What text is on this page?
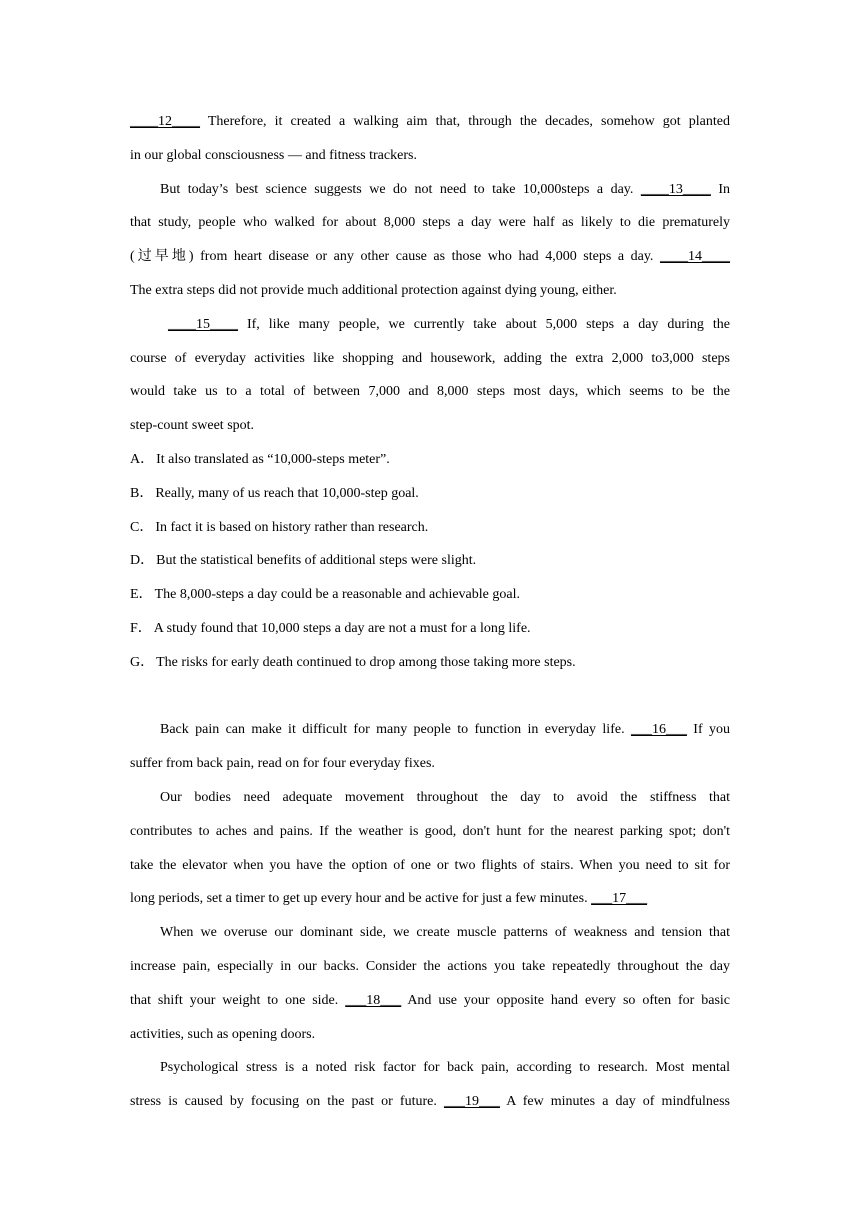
____12____ Therefore, it created a walking aim that, through the decades, somehow got planted
in our global consciousness — and fitness trackers.
But today’s best science suggests we do not need to take 10,000steps a day. ____13____ In
that study, people who walked for about 8,000 steps a day were half as likely to die prematurely
(过早地) from heart disease or any other cause as those who had 4,000 steps a day. ____14____
The extra steps did not provide much additional protection against dying young, either.
____15____ If, like many people, we currently take about 5,000 steps a day during the
course of everyday activities like shopping and housework, adding the extra 2,000 to3,000 steps
would take us to a total of between 7,000 and 8,000 steps most days, which seems to be the
step-count sweet spot.
A． It also translated as “10,000-steps meter”.
B． Really, many of us reach that 10,000-step goal.
C． In fact it is based on history rather than research.
D． But the statistical benefits of additional steps were slight.
E． The 8,000-steps a day could be a reasonable and achievable goal.
F． A study found that 10,000 steps a day are not a must for a long life.
G． The risks for early death continued to drop among those taking more steps.
Back pain can make it difficult for many people to function in everyday life. ___16___ If you
suffer from back pain, read on for four everyday fixes.
Our bodies need adequate movement throughout the day to avoid the stiffness that
contributes to aches and pains. If the weather is good, don't hunt for the nearest parking spot; don't
take the elevator when you have the option of one or two flights of stairs. When you need to sit for
long periods, set a timer to get up every hour and be active for just a few minutes. ___17___
When we overuse our dominant side, we create muscle patterns of weakness and tension that
increase pain, especially in our backs. Consider the actions you take repeatedly throughout the day
that shift your weight to one side. ___18___ And use your opposite hand every so often for basic
activities, such as opening doors.
Psychological stress is a noted risk factor for back pain, according to research. Most mental
stress is caused by focusing on the past or future. ___19___ A few minutes a day of mindfulness
